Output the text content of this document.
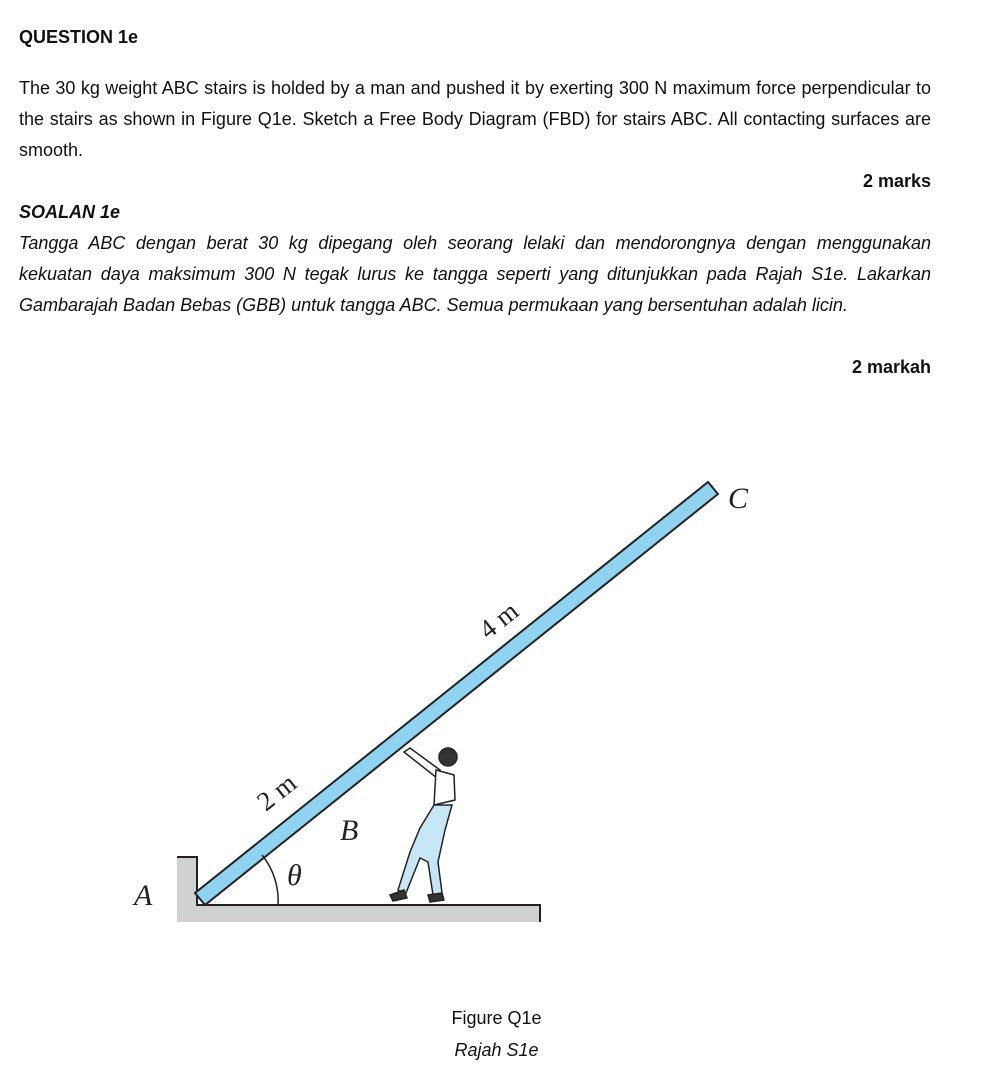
QUESTION 1e
The 30 kg weight ABC stairs is holded by a man and pushed it by exerting 300 N maximum force perpendicular to the stairs as shown in Figure Q1e. Sketch a Free Body Diagram (FBD) for stairs ABC. All contacting surfaces are smooth.
2 marks
SOALAN 1e
Tangga ABC dengan berat 30 kg dipegang oleh seorang lelaki dan mendorongnya dengan menggunakan kekuatan daya maksimum 300 N tegak lurus ke tangga seperti yang ditunjukkan pada Rajah S1e. Lakarkan Gambarajah Badan Bebas (GBB) untuk tangga ABC. Semua permukaan yang bersentuhan adalah licin.
2 markah
A
B
C
θ
2 m
4 m
Figure Q1e
Rajah S1e
